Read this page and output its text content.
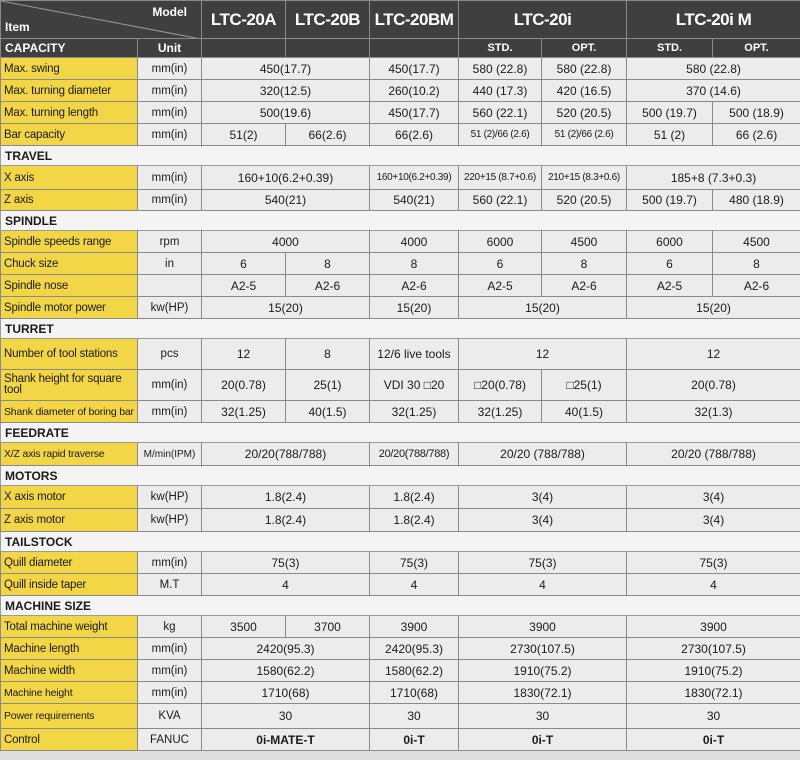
Model
Item		LTC-20A	LTC-20B	LTC-20BM	LTC-20i		LTC-20i M	
CAPACITY	Unit				STD.	OPT.	STD.	OPT.
Max. swing	mm(in)	450(17.7)		450(17.7)	580 (22.8)	580 (22.8)	580 (22.8)	
Max. turning diameter	mm(in)	320(12.5)		260(10.2)	440 (17.3)	420 (16.5)	370 (14.6)	
Max. turning length	mm(in)	500(19.6)		450(17.7)	560 (22.1)	520 (20.5)	500 (19.7)	500 (18.9)
Bar capacity	mm(in)	51(2)	66(2.6)	66(2.6)	51 (2)/66 (2.6)	51 (2)/66 (2.6)	51 (2)	66 (2.6)
TRAVEL								
X axis	mm(in)	160+10(6.2+0.39)		160+10(6.2+0.39)	220+15 (8.7+0.6)	210+15 (8.3+0.6)	185+8 (7.3+0.3)	
Z axis	mm(in)	540(21)		540(21)	560 (22.1)	520 (20.5)	500 (19.7)	480 (18.9)
SPINDLE								
Spindle speeds range	rpm	4000		4000	6000	4500	6000	4500
Chuck size	in	6	8	8	6	8	6	8
Spindle nose		A2-5	A2-6	A2-6	A2-5	A2-6	A2-5	A2-6
Spindle motor power	kw(HP)	15(20)		15(20)	15(20)		15(20)	
TURRET								
Number of tool stations	pcs	12	8	12/6 live tools	12		12	
Shank height for square tool	mm(in)	20(0.78)	25(1)	VDI 30 □20	□20(0.78)	□25(1)	20(0.78)	
Shank diameter of boring bar	mm(in)	32(1.25)	40(1.5)	32(1.25)	32(1.25)	40(1.5)	32(1.3)	
FEEDRATE								
X/Z axis rapid traverse	M/min(IPM)	20/20(788/788)		20/20(788/788)	20/20 (788/788)		20/20 (788/788)	
MOTORS								
X axis motor	kw(HP)	1.8(2.4)		1.8(2.4)	3(4)		3(4)	
Z axis motor	kw(HP)	1.8(2.4)		1.8(2.4)	3(4)		3(4)	
TAILSTOCK								
Quill diameter	mm(in)	75(3)		75(3)	75(3)		75(3)	
Quill inside taper	M.T	4		4	4		4	
MACHINE SIZE								
Total machine weight	kg	3500	3700	3900	3900		3900	
Machine length	mm(in)	2420(95.3)		2420(95.3)	2730(107.5)		2730(107.5)	
Machine width	mm(in)	1580(62.2)		1580(62.2)	1910(75.2)		1910(75.2)	
Machine height	mm(in)	1710(68)		1710(68)	1830(72.1)		1830(72.1)	
Power requirements	KVA	30		30	30		30	
Control	FANUC	0i-MATE-T		0i-T	0i-T		0i-T	
